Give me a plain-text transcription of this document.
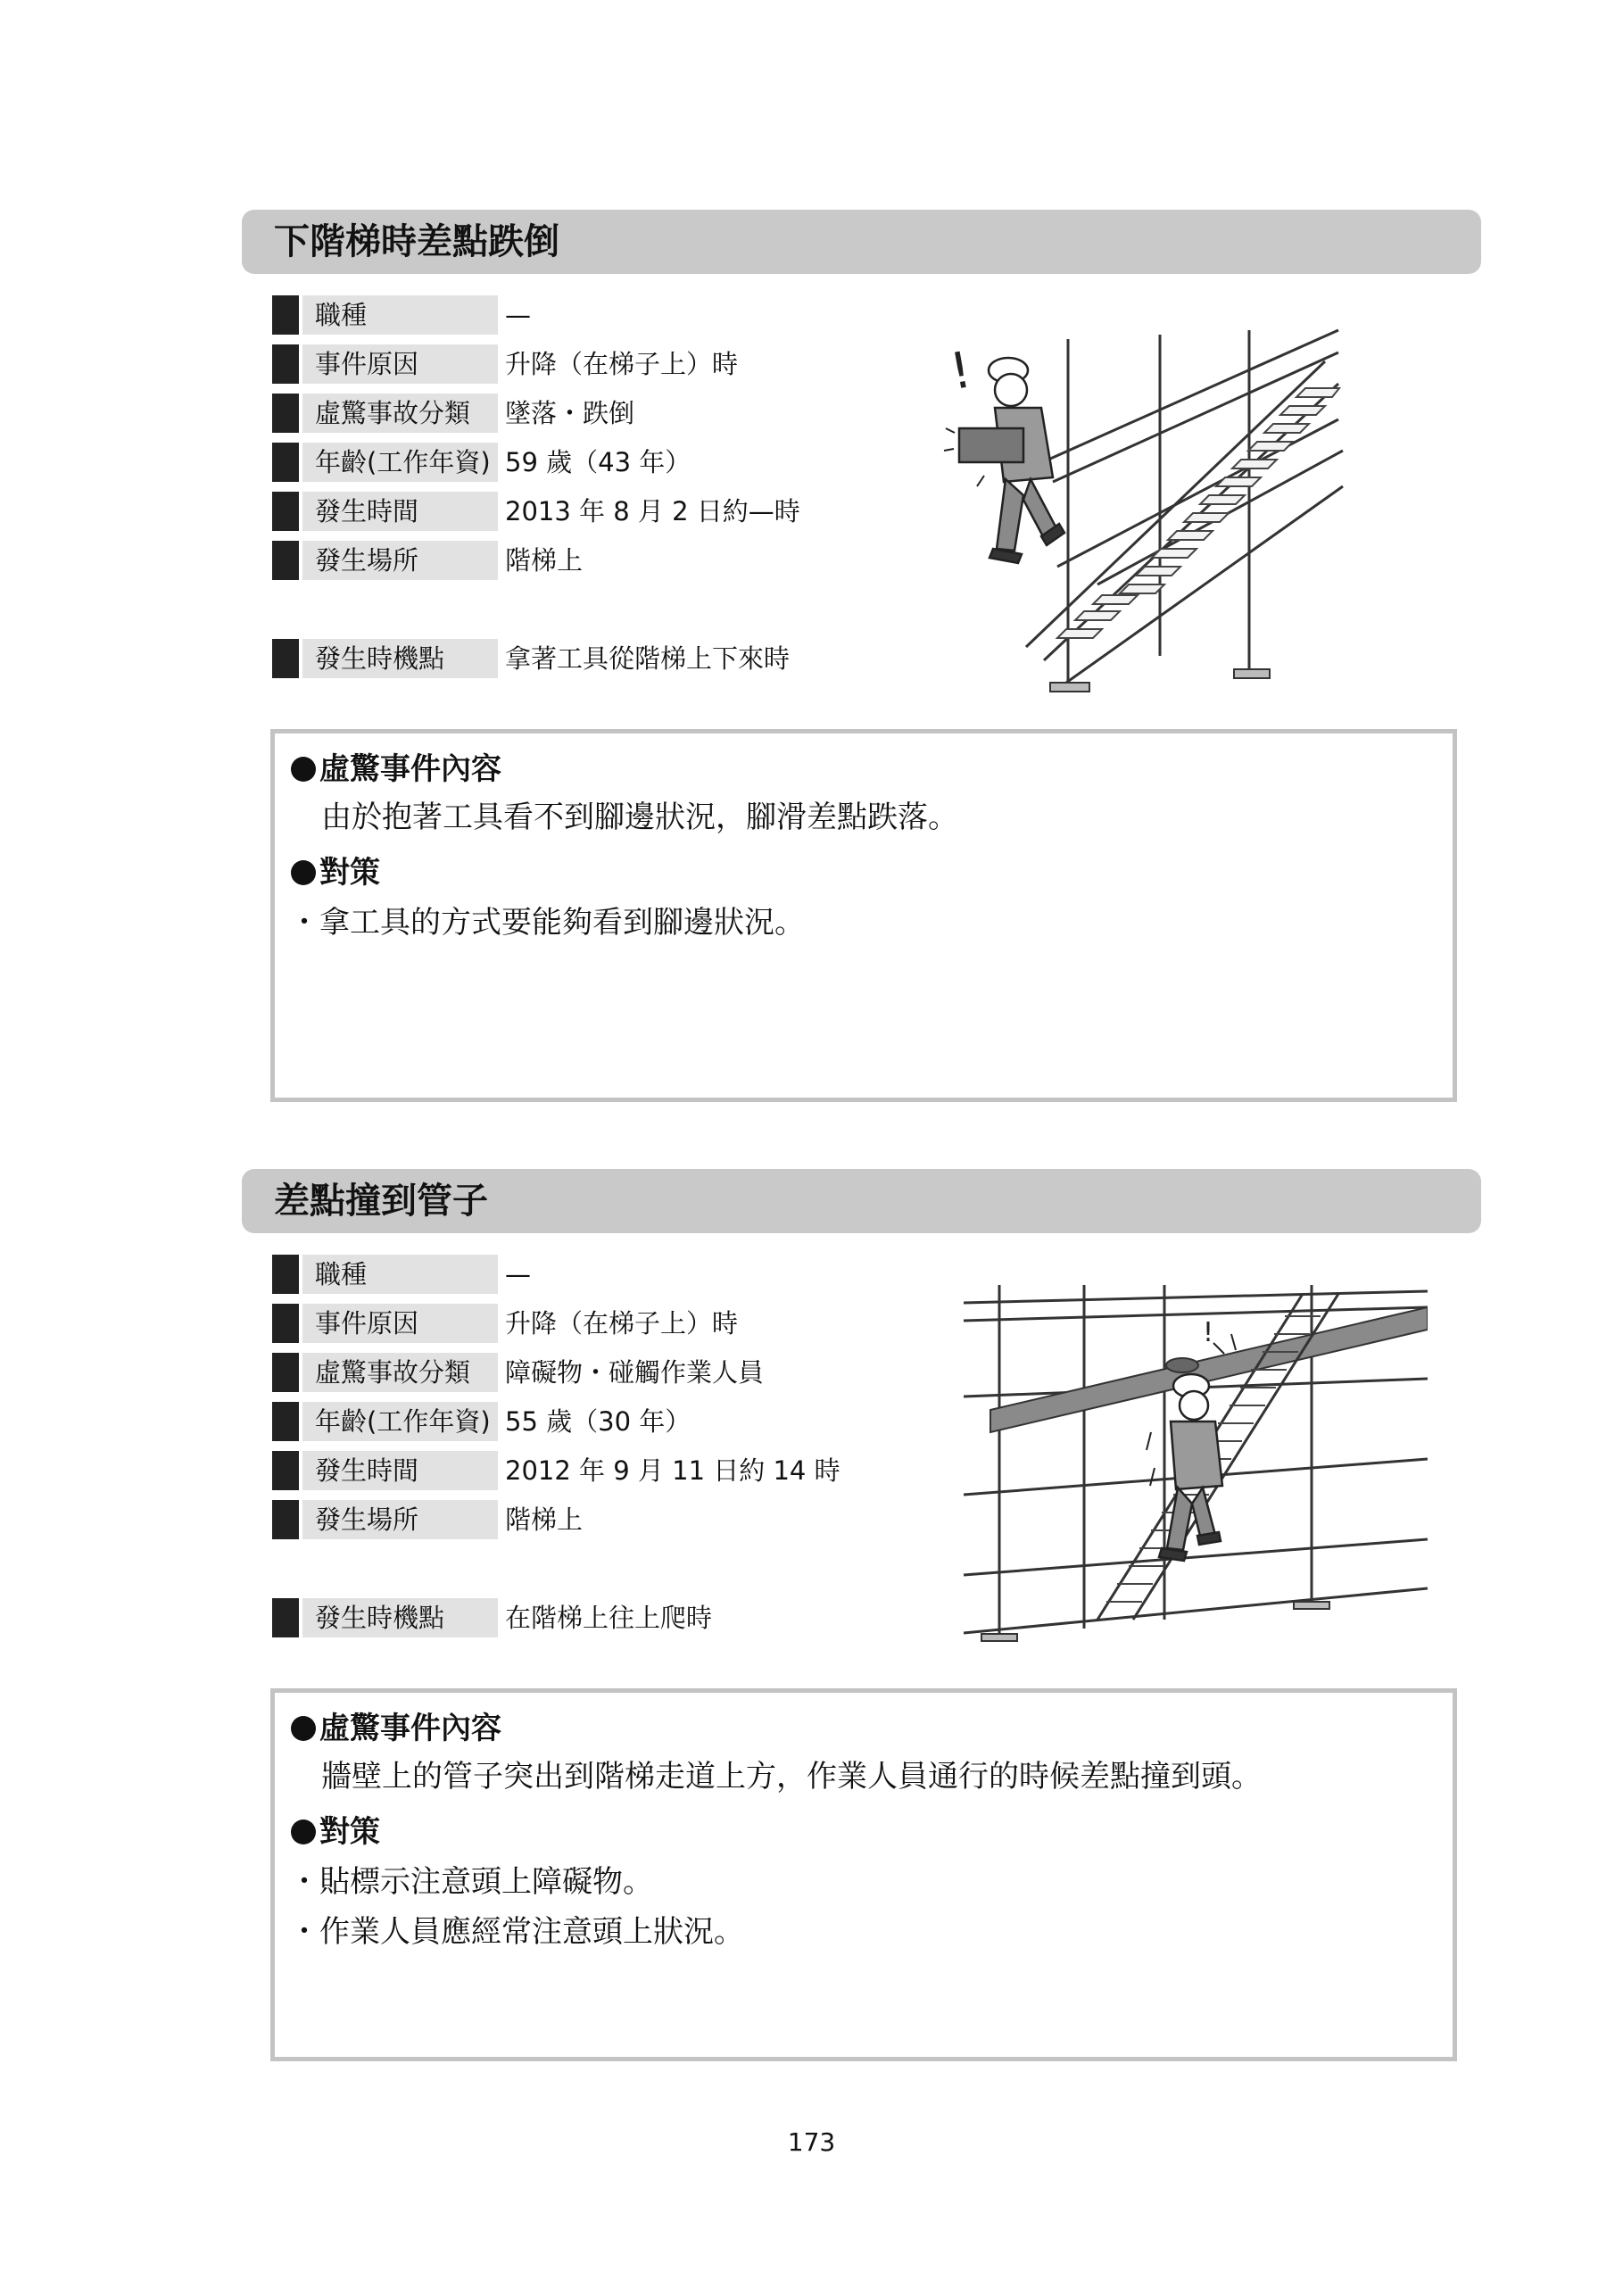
下階梯時差點跌倒
職種	—
事件原因	升降（在梯子上）時
虛驚事故分類	墜落・跌倒
年齡(工作年資) 59 歲（43 年）
發生時間	2013 年 8 月 2 日約—時
發生場所	階梯上
發生時機點	拿著工具從階梯上下來時
!
虛驚事件內容
由於抱著工具看不到腳邊狀況，腳滑差點跌落。
對策
・拿工具的方式要能夠看到腳邊狀況。
差點撞到管子
職種	—
事件原因	升降（在梯子上）時
虛驚事故分類	障礙物・碰觸作業人員
年齡(工作年資) 55 歲（30 年）
發生時間	2012 年 9 月 11 日約 14 時
發生場所	階梯上
發生時機點	在階梯上往上爬時
!
虛驚事件內容
牆壁上的管子突出到階梯走道上方，作業人員通行的時候差點撞到頭。
對策
・貼標示注意頭上障礙物。
・作業人員應經常注意頭上狀況。
173
